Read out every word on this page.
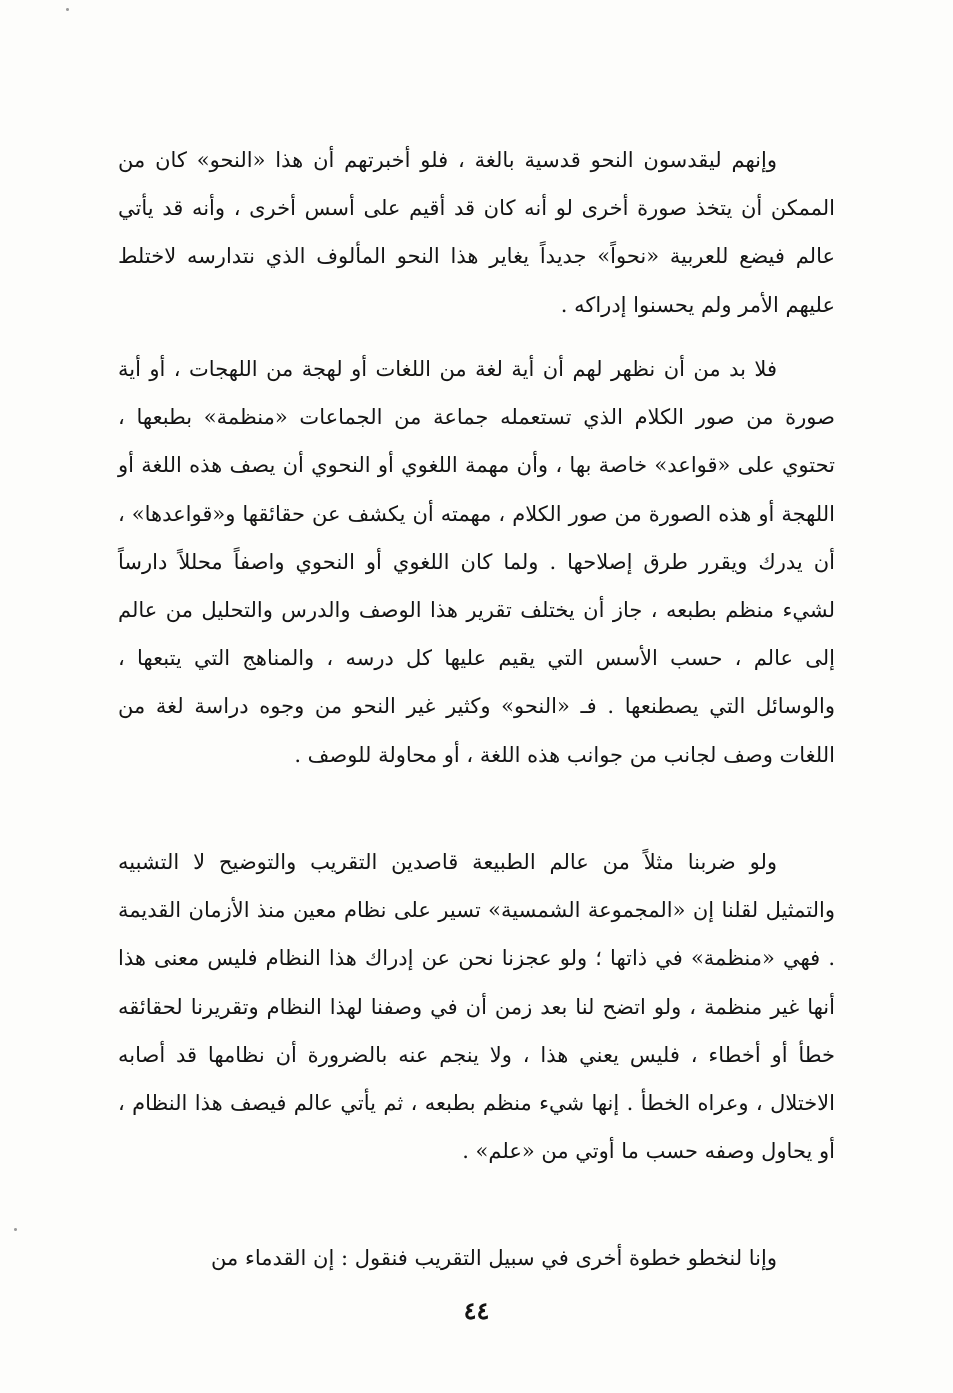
وإنهم ليقدسون النحو قدسية بالغة ، فلو أخبرتهم أن هذا «النحو» كان من الممكن أن يتخذ صورة أخرى لو أنه كان قد أقيم على أسس أخرى ، وأنه قد يأتي عالم فيضع للعربية «نحواً» جديداً يغاير هذا النحو المألوف الذي نتدارسه لاختلط عليهم الأمر ولم يحسنوا إدراكه .

فلا بد من أن نظهر لهم أن أية لغة من اللغات أو لهجة من اللهجات ، أو أية صورة من صور الكلام الذي تستعمله جماعة من الجماعات «منظمة» بطبعها ، تحتوي على «قواعد» خاصة بها ، وأن مهمة اللغوي أو النحوي أن يصف هذه اللغة أو اللهجة أو هذه الصورة من صور الكلام ، مهمته أن يكشف عن حقائقها و«قواعدها» ، أن يدرك ويقرر طرق إصلاحها . ولما كان اللغوي أو النحوي واصفاً محللاً دارساً لشيء منظم بطبعه ، جاز أن يختلف تقرير هذا الوصف والدرس والتحليل من عالم إلى عالم ، حسب الأسس التي يقيم عليها كل درسه ، والمناهج التي يتبعها ، والوسائل التي يصطنعها . فـ «النحو» وكثير غير النحو من وجوه دراسة لغة من اللغات وصف لجانب من جوانب هذه اللغة ، أو محاولة للوصف .

ولو ضربنا مثلاً من عالم الطبيعة قاصدين التقريب والتوضيح لا التشبيه والتمثيل لقلنا إن «المجموعة الشمسية» تسير على نظام معين منذ الأزمان القديمة . فهي «منظمة» في ذاتها ؛ ولو عجزنا نحن عن إدراك هذا النظام فليس معنى هذا أنها غير منظمة ، ولو اتضح لنا بعد زمن أن في وصفنا لهذا النظام وتقريرنا لحقائقه خطأ أو أخطاء ، فليس يعني هذا ، ولا ينجم عنه بالضرورة أن نظامها قد أصابه الاختلال ، وعراه الخطأ . إنها شيء منظم بطبعه ، ثم يأتي عالم فيصف هذا النظام ، أو يحاول وصفه حسب ما أوتي من «علم» .

وإنا لنخطو خطوة أخرى في سبيل التقريب فنقول : إن القدماء من

٤٤
